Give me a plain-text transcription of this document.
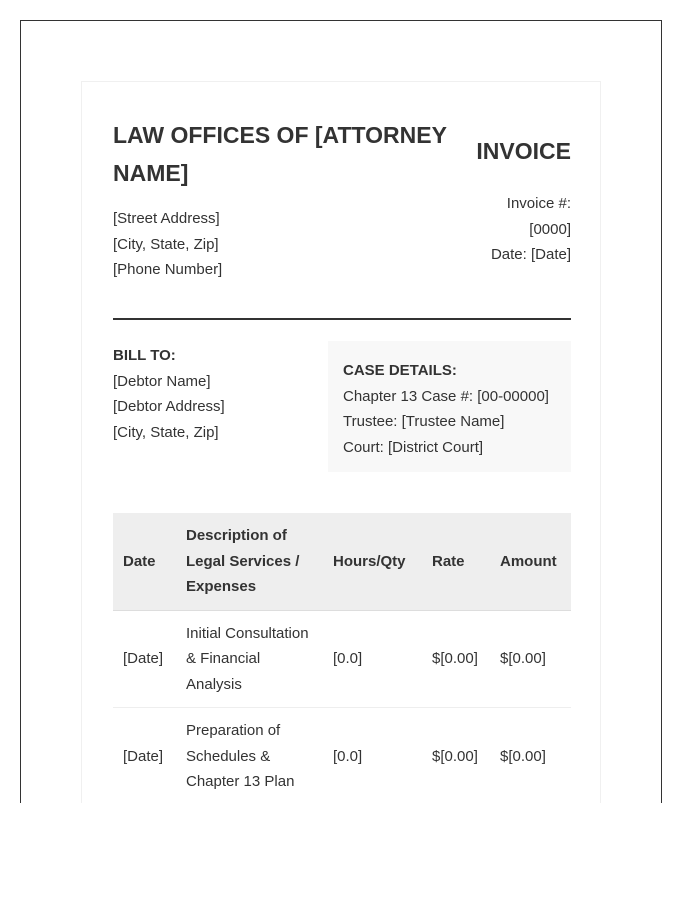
LAW OFFICES OF [ATTORNEY NAME]
[Street Address]
[City, State, Zip]
[Phone Number]
INVOICE
Invoice #:
[0000]
Date: [Date]
BILL TO:
[Debtor Name]
[Debtor Address]
[City, State, Zip]
CASE DETAILS:
Chapter 13 Case #: [00-00000]
Trustee: [Trustee Name]
Court: [District Court]
Date	Description of Legal Services / Expenses	Hours/Qty	Rate	Amount
[Date]	Initial Consultation & Financial Analysis	[0.0]	$[0.00]	$[0.00]
[Date]	Preparation of Schedules & Chapter 13 Plan	[0.0]	$[0.00]	$[0.00]
